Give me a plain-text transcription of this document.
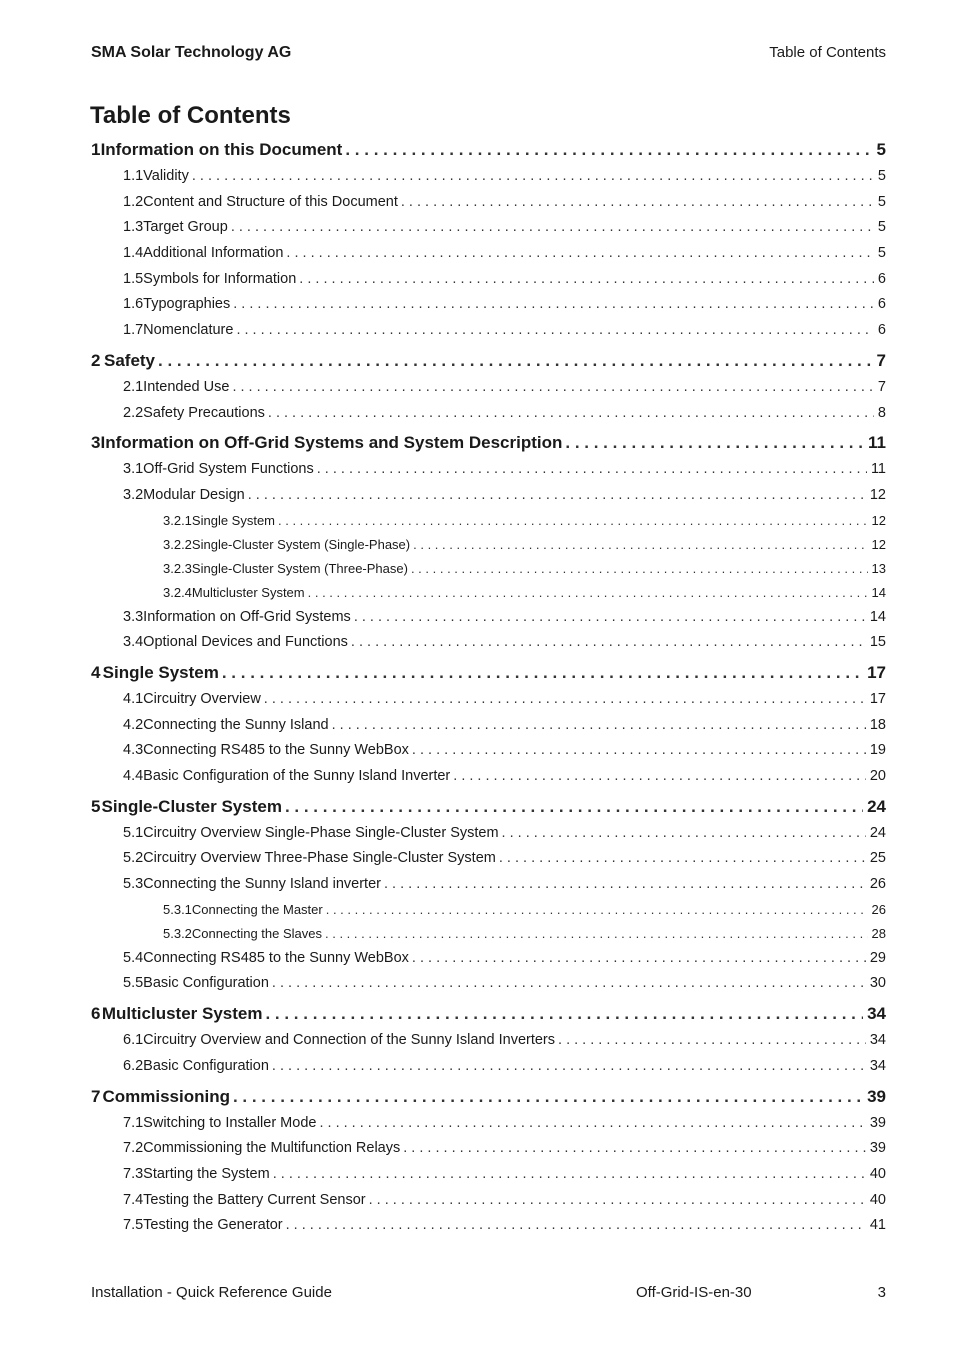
SMA Solar Technology AG	Table of Contents
Table of Contents
1 Information on this Document . . .	5
1.1 Validity . . .	5
1.2 Content and Structure of this Document . . .	5
1.3 Target Group . . .	5
1.4 Additional Information . . .	5
1.5 Symbols for Information . . .	6
1.6 Typographies . . .	6
1.7 Nomenclature . . .	6
2 Safety . . .	7
2.1 Intended Use . . .	7
2.2 Safety Precautions . . .	8
3 Information on Off-Grid Systems and System Description . . .	11
3.1 Off-Grid System Functions . . .	11
3.2 Modular Design . . .	12
3.2.1 Single System . . .	12
3.2.2 Single-Cluster System (Single-Phase) . . .	12
3.2.3 Single-Cluster System (Three-Phase) . . .	13
3.2.4 Multicluster System . . .	14
3.3 Information on Off-Grid Systems . . .	14
3.4 Optional Devices and Functions . . .	15
4 Single System . . .	17
4.1 Circuitry Overview . . .	17
4.2 Connecting the Sunny Island . . .	18
4.3 Connecting RS485 to the Sunny WebBox . . .	19
4.4 Basic Configuration of the Sunny Island Inverter . . .	20
5 Single-Cluster System . . .	24
5.1 Circuitry Overview Single-Phase Single-Cluster System . . .	24
5.2 Circuitry Overview Three-Phase Single-Cluster System . . .	25
5.3 Connecting the Sunny Island inverter . . .	26
5.3.1 Connecting the Master . . .	26
5.3.2 Connecting the Slaves . . .	28
5.4 Connecting RS485 to the Sunny WebBox . . .	29
5.5 Basic Configuration . . .	30
6 Multicluster System . . .	34
6.1 Circuitry Overview and Connection of the Sunny Island Inverters . . .	34
6.2 Basic Configuration . . .	34
7 Commissioning . . .	39
7.1 Switching to Installer Mode . . .	39
7.2 Commissioning the Multifunction Relays . . .	39
7.3 Starting the System . . .	40
7.4 Testing the Battery Current Sensor . . .	40
7.5 Testing the Generator . . .	41
Installation - Quick Reference Guide	Off-Grid-IS-en-30	3
